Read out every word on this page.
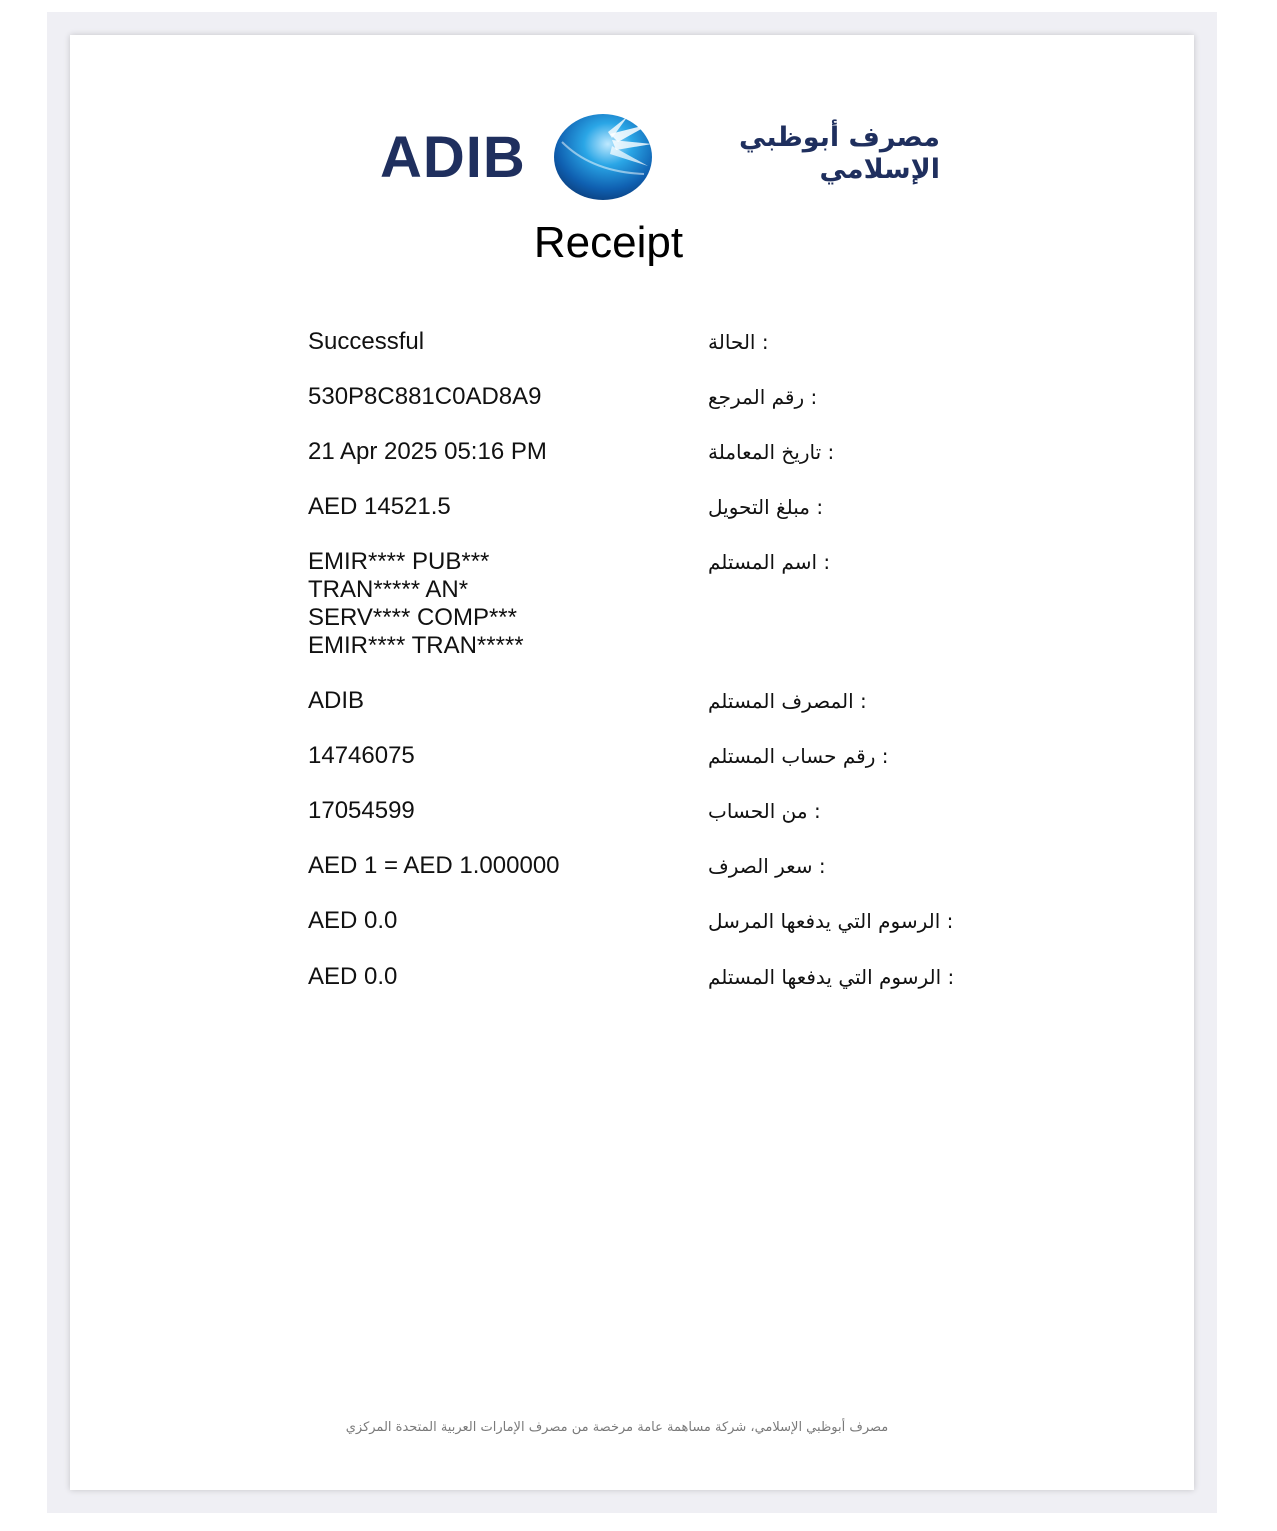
ADIB	مصرف أبوظبي
الإسلامي
Receipt
Successful	: الحالة
530P8C881C0AD8A9	: رقم المرجع
21 Apr 2025 05:16 PM	: تاريخ المعاملة
AED 14521.5	: مبلغ التحويل
EMIR**** PUB***
TRAN***** AN*
SERV**** COMP***
EMIR**** TRAN*****
: اسم المستلم
ADIB	: المصرف المستلم
14746075	: رقم حساب المستلم
17054599	: من الحساب
AED 1 = AED 1.000000	: سعر الصرف
AED 0.0	: الرسوم التي يدفعها المرسل
AED 0.0	: الرسوم التي يدفعها المستلم
مصرف أبوظبي الإسلامي، شركة مساهمة عامة مرخصة من مصرف الإمارات العربية المتحدة المركزي
